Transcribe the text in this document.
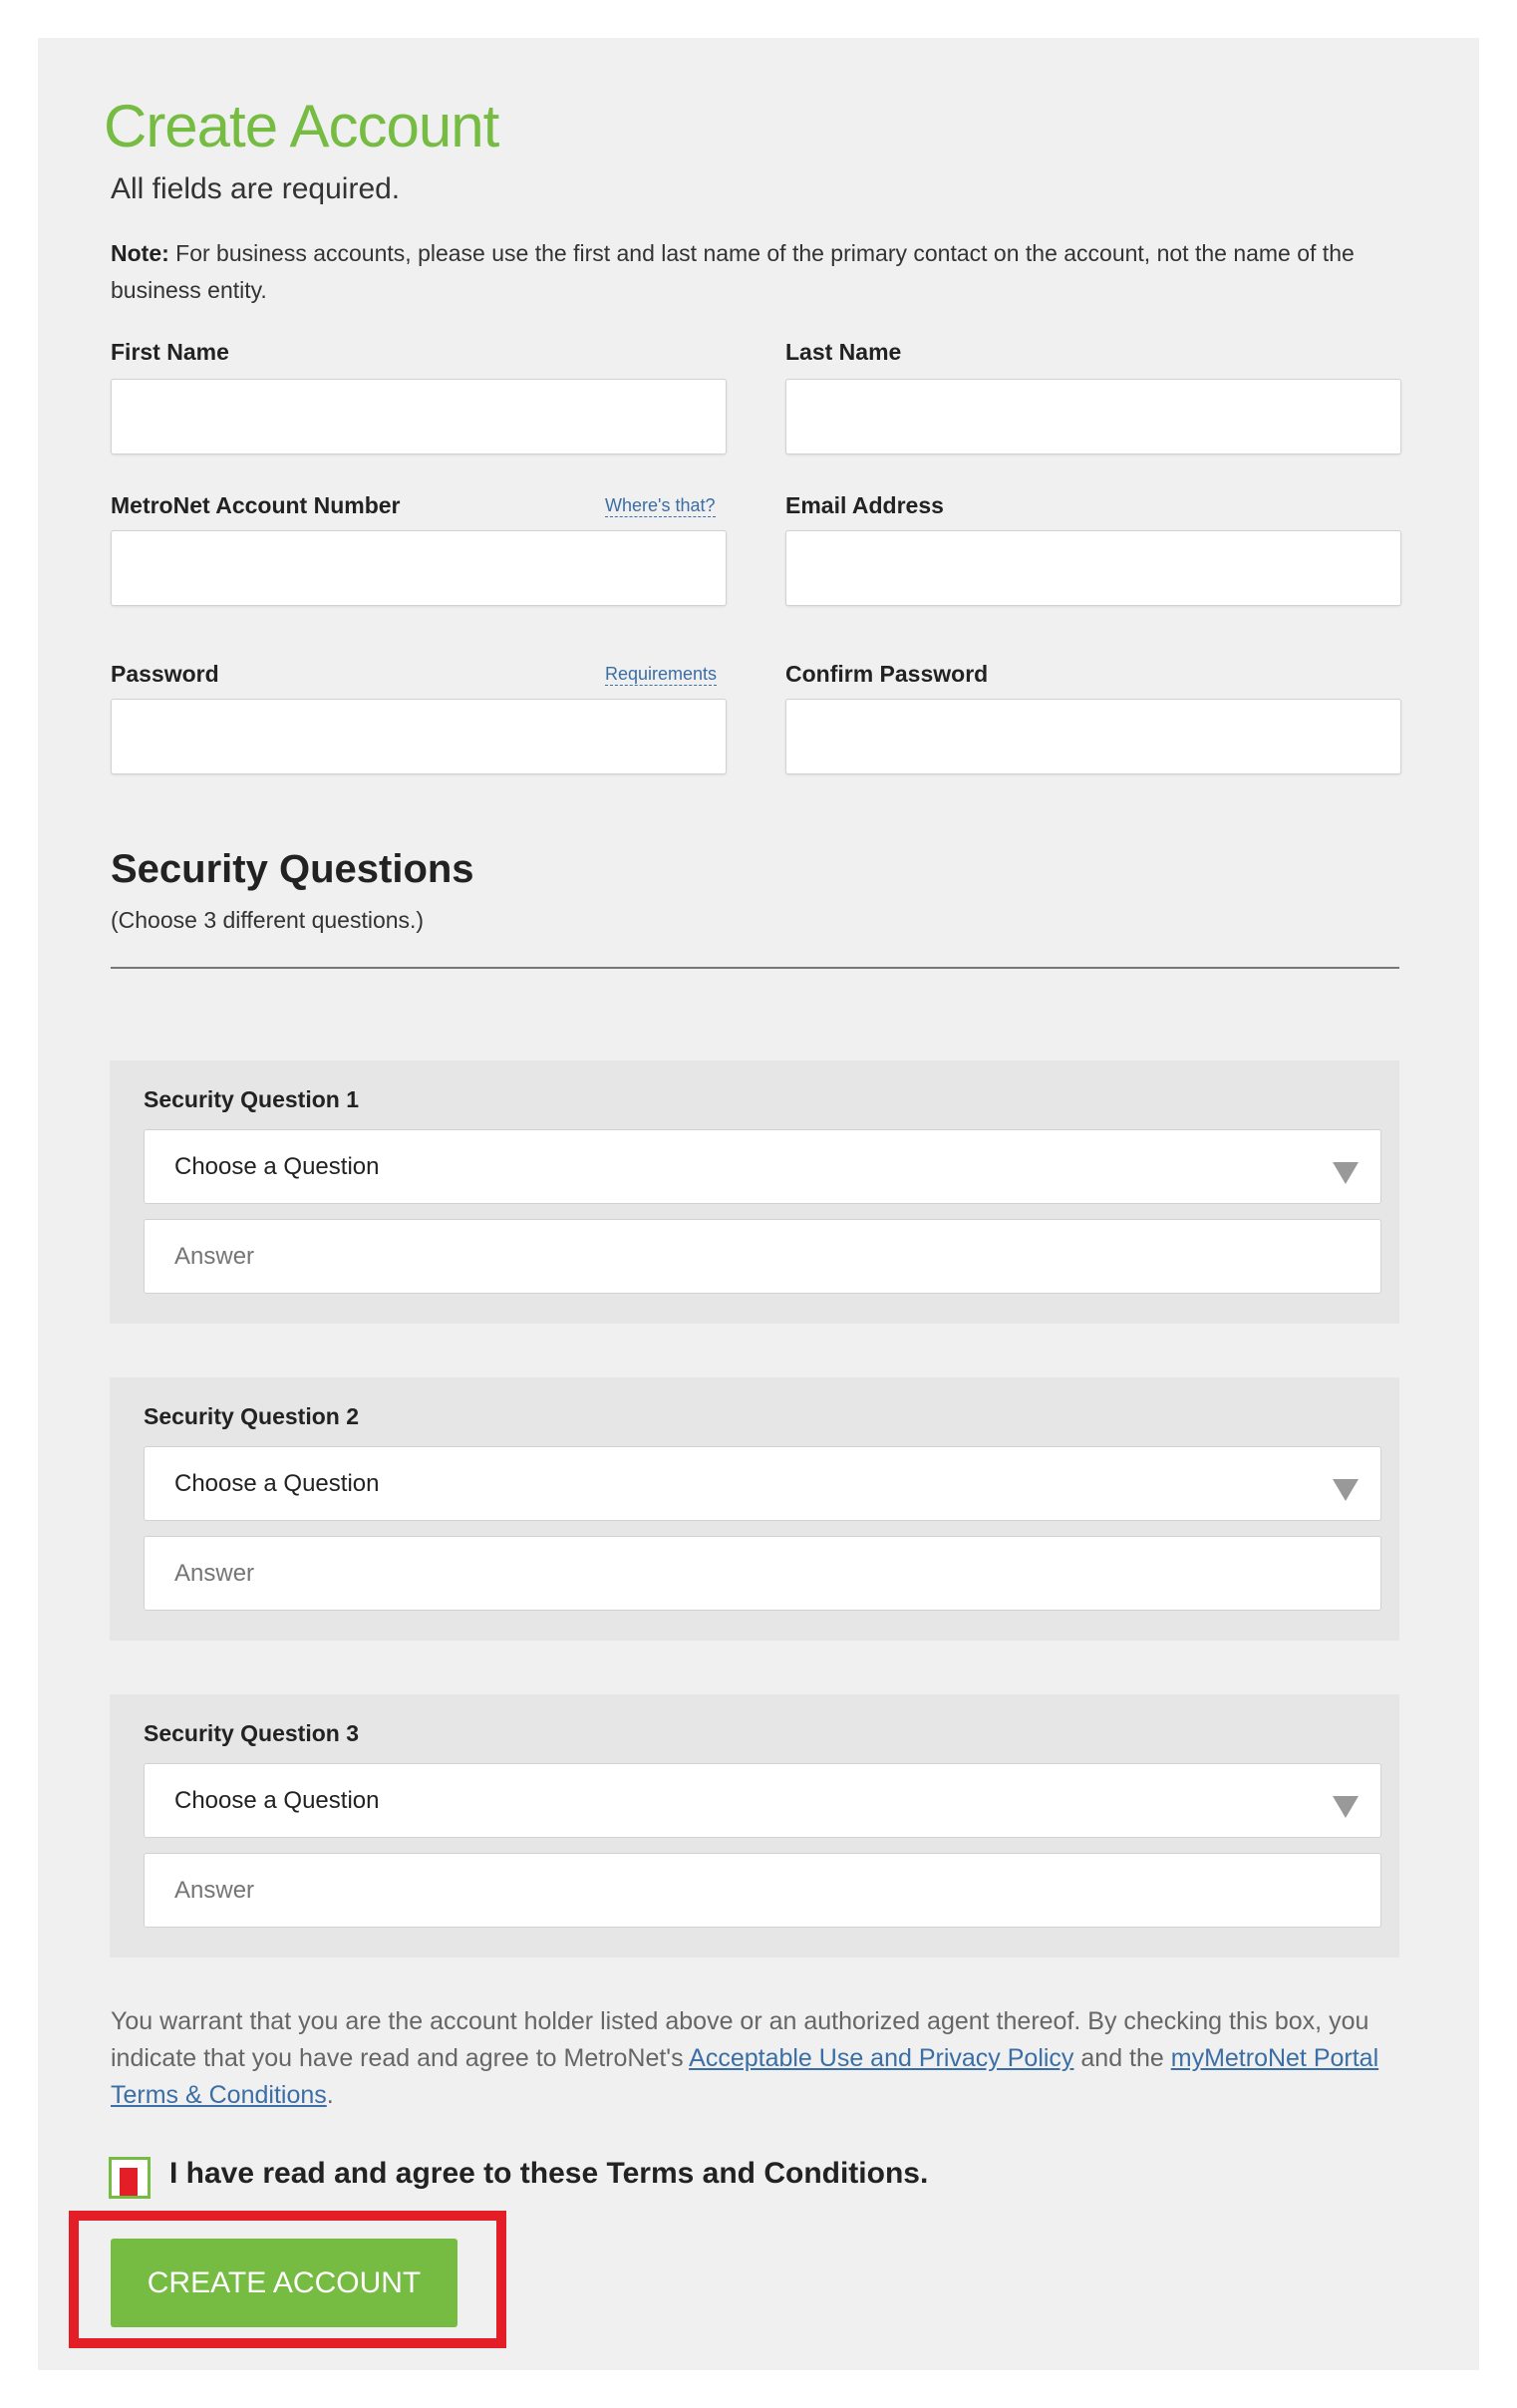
Create Account
All fields are required.
Note: For business accounts, please use the first and last name of the primary contact on the account, not the name of the business entity.
First Name	Last Name
MetroNet Account Number	Where's that?	Email Address
Password	Requirements	Confirm Password
Security Questions
(Choose 3 different questions.)
Security Question 1
Choose a Question
Answer
Security Question 2
Choose a Question
Answer
Security Question 3
Choose a Question
Answer
You warrant that you are the account holder listed above or an authorized agent thereof. By checking this box, you indicate that you have read and agree to MetroNet's Acceptable Use and Privacy Policy and the myMetroNet Portal Terms & Conditions.
I have read and agree to these Terms and Conditions.
CREATE ACCOUNT
